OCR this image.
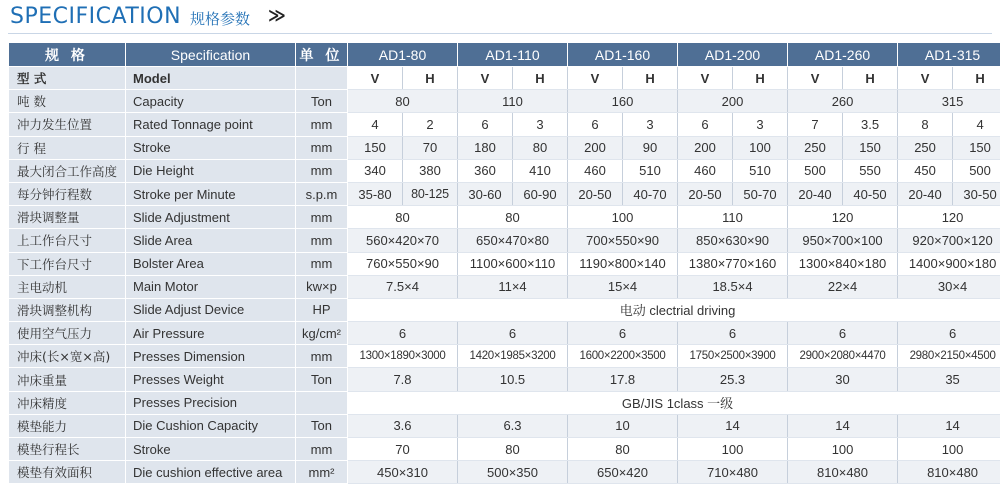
SPECIFICATION 规格参数 ≫
规 格	Specification	单 位	AD1-80		AD1-110		AD1-160		AD1-200		AD1-260		AD1-315	
型 式	Model		V	H	V	H	V	H	V	H	V	H	V	H
吨 数	Capacity	Ton	80		110		160		200		260		315	
冲力发生位置	Rated Tonnage point	mm	4	2	6	3	6	3	6	3	7	3.5	8	4
行 程	Stroke	mm	150	70	180	80	200	90	200	100	250	150	250	150
最大闭合工作高度	Die Height	mm	340	380	360	410	460	510	460	510	500	550	450	500
每分钟行程数	Stroke per Minute	s.p.m	35-80	80-125	30-60	60-90	20-50	40-70	20-50	50-70	20-40	40-50	20-40	30-50
滑块调整量	Slide Adjustment	mm	80		80		100		110		120		120	
上工作台尺寸	Slide Area	mm	560×420×70		650×470×80		700×550×90		850×630×90		950×700×100		920×700×120	
下工作台尺寸	Bolster Area	mm	760×550×90		1100×600×110		1190×800×140		1380×770×160		1300×840×180		1400×900×180	
主电动机	Main Motor	kw×p	7.5×4		11×4		15×4		18.5×4		22×4		30×4	
滑块调整机构	Slide Adjust Device	HP	电动 clectrial driving											
使用空气压力	Air Pressure	kg/cm²	6		6		6		6		6		6	
冲床(长×宽×高)	Presses Dimension	mm	1300×1890×3000		1420×1985×3200		1600×2200×3500		1750×2500×3900		2900×2080×4470		2980×2150×4500	
冲床重量	Presses Weight	Ton	7.8		10.5		17.8		25.3		30		35	
冲床精度	Presses Precision		GB/JIS 1class 一级											
模垫能力	Die Cushion Capacity	Ton	3.6		6.3		10		14		14		14	
模垫行程长	Stroke	mm	70		80		80		100		100		100	
模垫有效面积	Die cushion effective area	mm²	450×310		500×350		650×420		710×480		810×480		810×480	
